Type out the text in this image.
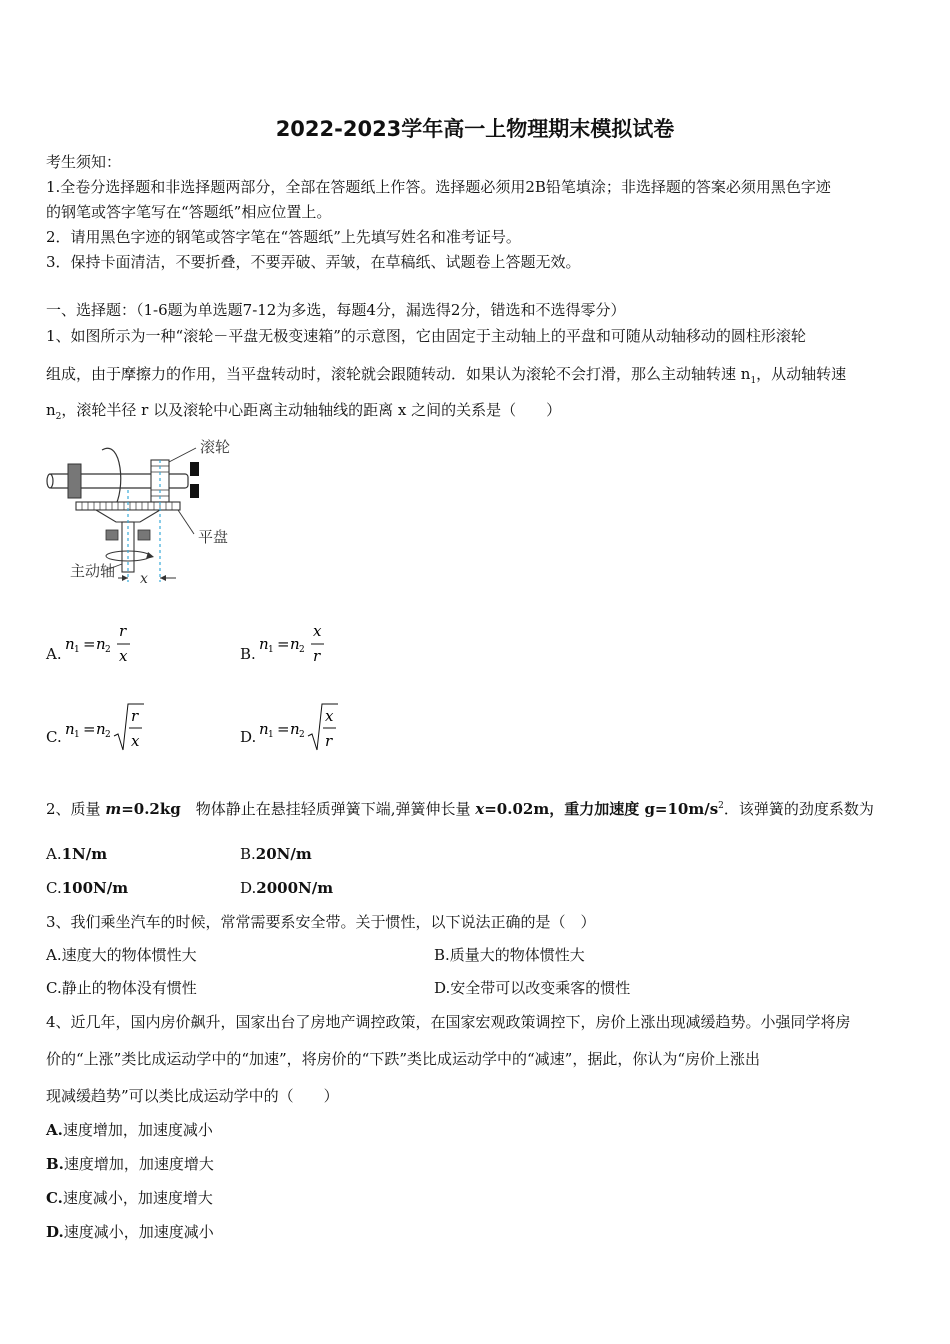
2022-2023学年高一上物理期末模拟试卷
考生须知：
1.全卷分选择题和非选择题两部分，全部在答题纸上作答。选择题必须用2B铅笔填涂；非选择题的答案必须用黑色字迹
的钢笔或答字笔写在“答题纸”相应位置上。
2．请用黑色字迹的钢笔或答字笔在“答题纸”上先填写姓名和准考证号。
3．保持卡面清洁，不要折叠，不要弄破、弄皱，在草稿纸、试题卷上答题无效。
一、选择题：（1-6题为单选题7-12为多选，每题4分，漏选得2分，错选和不选得零分）
1、如图所示为一种“滚轮－平盘无极变速箱”的示意图，它由固定于主动轴上的平盘和可随从动轴移动的圆柱形滚轮
组成，由于摩擦力的作用，当平盘转动时，滚轮就会跟随转动．如果认为滚轮不会打滑，那么主动轴转速 $n_1$，从动轴转速
$n_2$，滚轮半径 r 以及滚轮中心距离主动轴轴线的距离 x 之间的关系是（　　）
滚轮
平盘
x
主动轴
A.
n 1 = n 2
r
x	B.
n 1 = n 2
x
r
C. n 1 = n 2
r
x	D. n 1 = n 2
x
r
2、质量 m=0.2kg　物体静止在悬挂轻质弹簧下端,弹簧伸长量 x=0.02m，重力加速度 $g=10m/s^2$．该弹簧的劲度系数为
A.1N/m	B.20N/m
C.100N/m	D.2000N/m
3、我们乘坐汽车的时候，常常需要系安全带。关于惯性，以下说法正确的是（　）
A.速度大的物体惯性大	B.质量大的物体惯性大
C.静止的物体没有惯性	D.安全带可以改变乘客的惯性
4、近几年，国内房价飙升，国家出台了房地产调控政策，在国家宏观政策调控下，房价上涨出现减缓趋势。小强同学将房
价的“上涨”类比成运动学中的“加速”，将房价的“下跌”类比成运动学中的“减速”，据此，你认为“房价上涨出
现减缓趋势”可以类比成运动学中的（　　）
A.速度增加，加速度减小
B.速度增加，加速度增大
C.速度减小，加速度增大
D.速度减小，加速度减小
